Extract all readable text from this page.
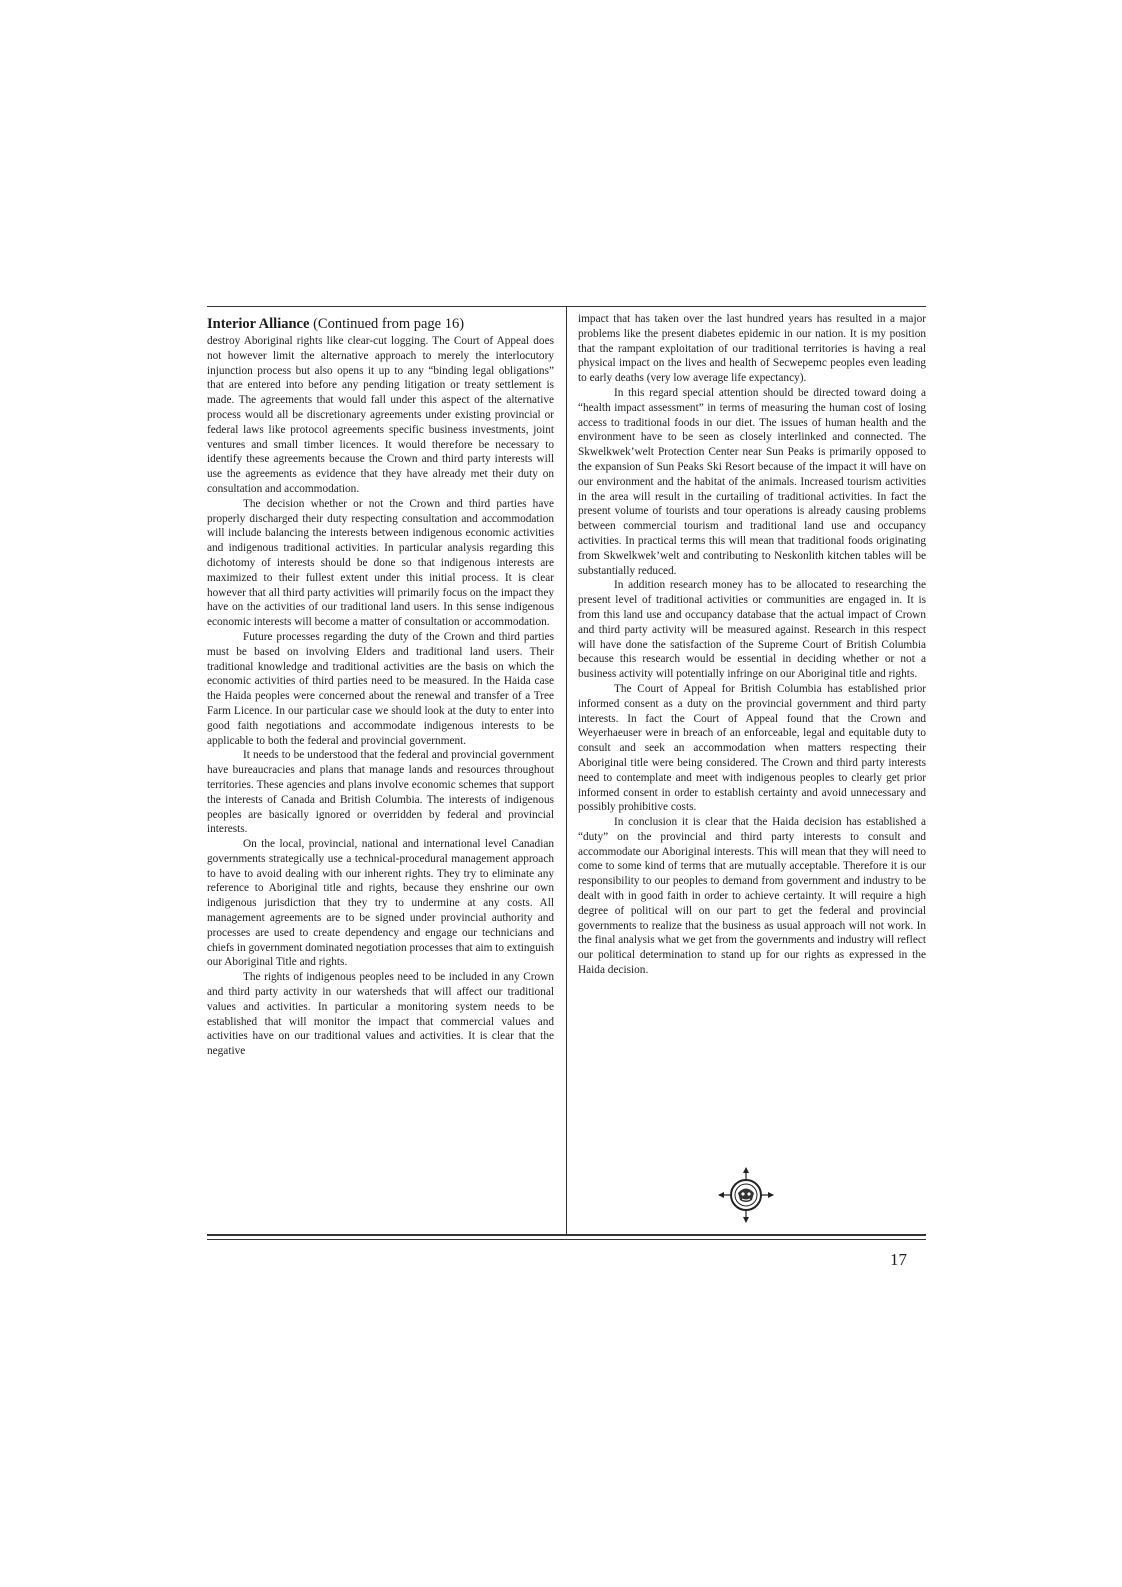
Interior Alliance (Continued from page 16)

destroy Aboriginal rights like clear-cut logging. The Court of Appeal does not however limit the alternative approach to merely the interlocutory injunction process but also opens it up to any “binding legal obligations” that are entered into before any pending litigation or treaty settlement is made. The agreements that would fall under this aspect of the alternative process would all be discretionary agreements under existing provincial or federal laws like protocol agreements specific business investments, joint ventures and small timber licences. It would therefore be necessary to identify these agreements because the Crown and third party interests will use the agreements as evidence that they have already met their duty on consultation and accommodation.

The decision whether or not the Crown and third parties have properly discharged their duty respecting consultation and accommodation will include balancing the interests between indigenous economic activities and indigenous traditional activities. In particular analysis regarding this dichotomy of interests should be done so that indigenous interests are maximized to their fullest extent under this initial process. It is clear however that all third party activities will primarily focus on the impact they have on the activities of our traditional land users. In this sense indigenous economic interests will become a matter of consultation or accommodation.

Future processes regarding the duty of the Crown and third parties must be based on involving Elders and traditional land users. Their traditional knowledge and traditional activities are the basis on which the economic activities of third parties need to be measured. In the Haida case the Haida peoples were concerned about the renewal and transfer of a Tree Farm Licence. In our particular case we should look at the duty to enter into good faith negotiations and accommodate indigenous interests to be applicable to both the federal and provincial government.

It needs to be understood that the federal and provincial government have bureaucracies and plans that manage lands and resources throughout territories. These agencies and plans involve economic schemes that support the interests of Canada and British Columbia. The interests of indigenous peoples are basically ignored or overridden by federal and provincial interests.

On the local, provincial, national and international level Canadian governments strategically use a technical-procedural management approach to have to avoid dealing with our inherent rights. They try to eliminate any reference to Aboriginal title and rights, because they enshrine our own indigenous jurisdiction that they try to undermine at any costs. All management agreements are to be signed under provincial authority and processes are used to create dependency and engage our technicians and chiefs in government dominated negotiation processes that aim to extinguish our Aboriginal Title and rights.

The rights of indigenous peoples need to be included in any Crown and third party activity in our watersheds that will affect our traditional values and activities. In particular a monitoring system needs to be established that will monitor the impact that commercial values and activities have on our traditional values and activities. It is clear that the negative

impact that has taken over the last hundred years has resulted in a major problems like the present diabetes epidemic in our nation. It is my position that the rampant exploitation of our traditional territories is having a real physical impact on the lives and health of Secwepemc peoples even leading to early deaths (very low average life expectancy).

In this regard special attention should be directed toward doing a “health impact assessment” in terms of measuring the human cost of losing access to traditional foods in our diet. The issues of human health and the environment have to be seen as closely interlinked and connected. The Skwelkwek’welt Protection Center near Sun Peaks is primarily opposed to the expansion of Sun Peaks Ski Resort because of the impact it will have on our environment and the habitat of the animals. Increased tourism activities in the area will result in the curtailing of traditional activities. In fact the present volume of tourists and tour operations is already causing problems between commercial tourism and traditional land use and occupancy activities. In practical terms this will mean that traditional foods originating from Skwelkwek’welt and contributing to Neskonlith kitchen tables will be substantially reduced.

In addition research money has to be allocated to researching the present level of traditional activities or communities are engaged in. It is from this land use and occupancy database that the actual impact of Crown and third party activity will be measured against. Research in this respect will have done the satisfaction of the Supreme Court of British Columbia because this research would be essential in deciding whether or not a business activity will potentially infringe on our Aboriginal title and rights.

The Court of Appeal for British Columbia has established prior informed consent as a duty on the provincial government and third party interests. In fact the Court of Appeal found that the Crown and Weyerhaeuser were in breach of an enforceable, legal and equitable duty to consult and seek an accommodation when matters respecting their Aboriginal title were being considered. The Crown and third party interests need to contemplate and meet with indigenous peoples to clearly get prior informed consent in order to establish certainty and avoid unnecessary and possibly prohibitive costs.

In conclusion it is clear that the Haida decision has established a “duty” on the provincial and third party interests to consult and accommodate our Aboriginal interests. This will mean that they will need to come to some kind of terms that are mutually acceptable. Therefore it is our responsibility to our peoples to demand from government and industry to be dealt with in good faith in order to achieve certainty. It will require a high degree of political will on our part to get the federal and provincial governments to realize that the business as usual approach will not work. In the final analysis what we get from the governments and industry will reflect our political determination to stand up for our rights as expressed in the Haida decision.

17
